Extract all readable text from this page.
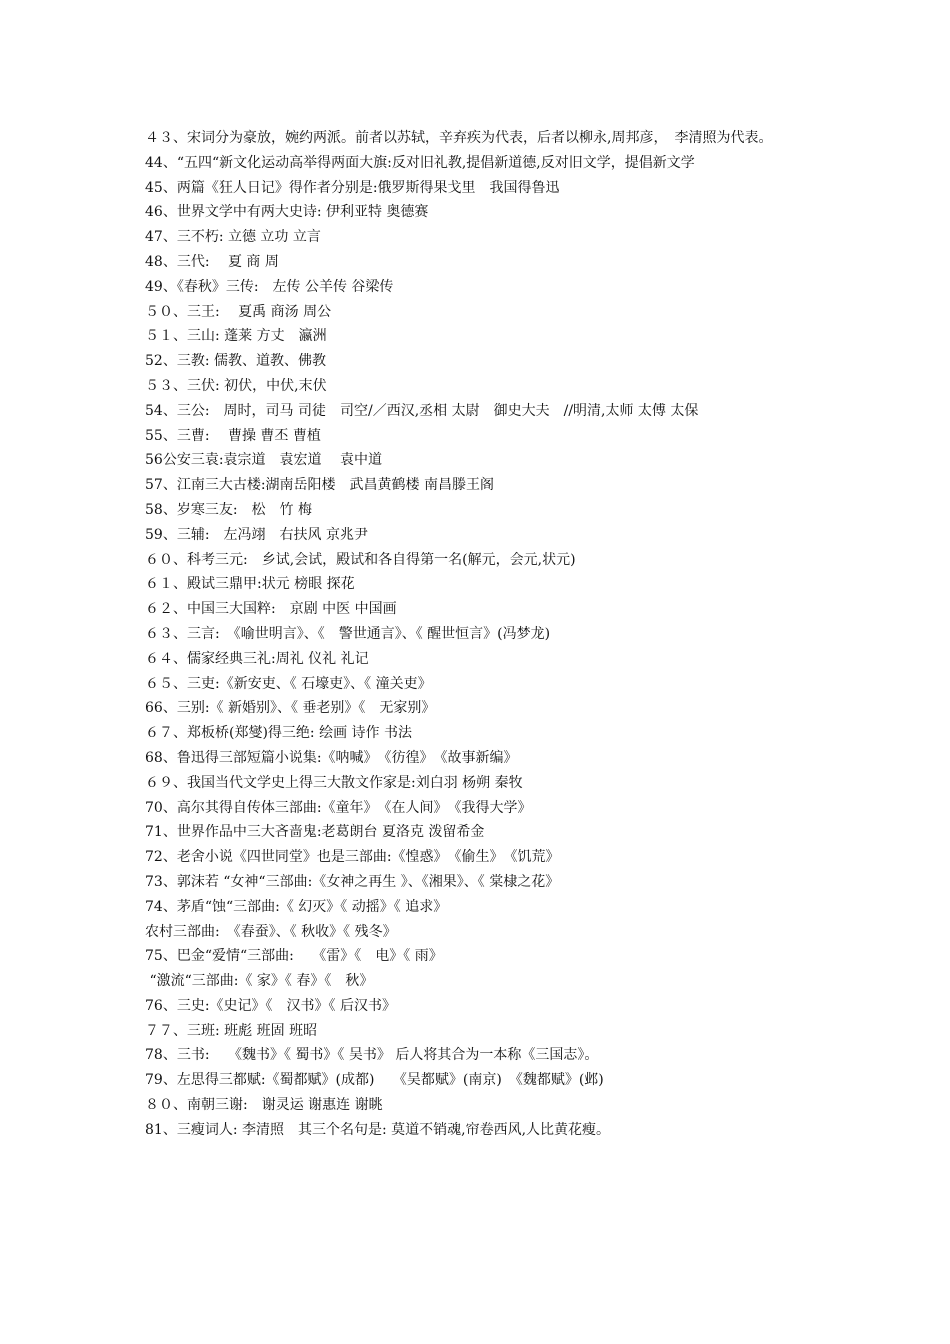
４３、宋词分为豪放，婉约两派。前者以苏轼，辛弃疾为代表，后者以柳永,周邦彦，　李清照为代表。

44、“五四“新文化运动高举得两面大旗:反对旧礼教,提倡新道德,反对旧文学，提倡新文学

45、两篇《狂人日记》得作者分别是:俄罗斯得果戈里　我国得鲁迅

46、世界文学中有两大史诗: 伊利亚特 奥德赛

47、三不朽: 立德 立功 立言

48、三代:　 夏 商 周

49、《春秋》三传:　左传 公羊传 谷梁传

５０、三王:　 夏禹 商汤 周公

５１、三山: 蓬莱 方丈　瀛洲

52、三教: 儒教、道教、佛教

５３、三伏: 初伏，中伏,末伏

54、三公:　周时，司马 司徒　司空/／西汉,丞相 太尉　御史大夫　//明清,太师 太傅 太保

55、三曹:　 曹操 曹丕 曹植

56公安三袁:袁宗道　袁宏道　 袁中道

57、江南三大古楼:湖南岳阳楼　武昌黄鹤楼 南昌滕王阁

58、岁寒三友:　松　竹 梅

59、三辅:　左冯翊　右扶风 京兆尹

６０、科考三元:　乡试,会试，殿试和各自得第一名(解元，会元,状元)

６１、殿试三鼎甲:状元 榜眼 探花

６２、中国三大国粹:　京剧 中医 中国画

６３、三言:　《喻世明言》、《　警世通言》、《 醒世恒言》(冯梦龙)

６４、儒家经典三礼:周礼 仪礼 礼记

６５、三吏:《新安吏、《 石壕吏》、《 潼关吏》

66、三别:《 新婚别》、《 垂老别》《　无家别》

６７、郑板桥(郑燮)得三绝: 绘画 诗作 书法

68、鲁迅得三部短篇小说集:《呐喊》　《彷徨》　《故事新编》

６９、我国当代文学史上得三大散文作家是:刘白羽 杨朔 秦牧

70、高尔其得自传体三部曲:《童年》　《在人间》　《我得大学》

71、世界作品中三大吝啬鬼:老葛朗台 夏洛克 泼留希金

72、老舍小说《四世同堂》也是三部曲:《惶惑》　《偷生》　《饥荒》

73、郭沫若 “女神“三部曲:《女神之再生 》、《湘果》、《 棠棣之花》

74、茅盾“蚀“三部曲:《 幻灭》《 动摇》《 追求》

农村三部曲:　《春蚕》、《 秋收》《 残冬》

75、巴金“爱情“三部曲:　 《雷》《　电》《 雨》

“激流“三部曲:《 家》《 春》《　秋》

76、三史:《史记》《　汉书》《 后汉书》

７７、三班: 班彪 班固 班昭

78、三书:　 《魏书》《 蜀书》《 吴书》 后人将其合为一本称《三国志》。

79、左思得三都赋:《蜀都赋》(成都)　 《吴都赋》(南京)　《魏都赋》(邺)

８０、南朝三谢:　谢灵运 谢惠连 谢眺

81、三瘦词人: 李清照　其三个名句是: 莫道不销魂,帘卷西风,人比黄花瘦。
